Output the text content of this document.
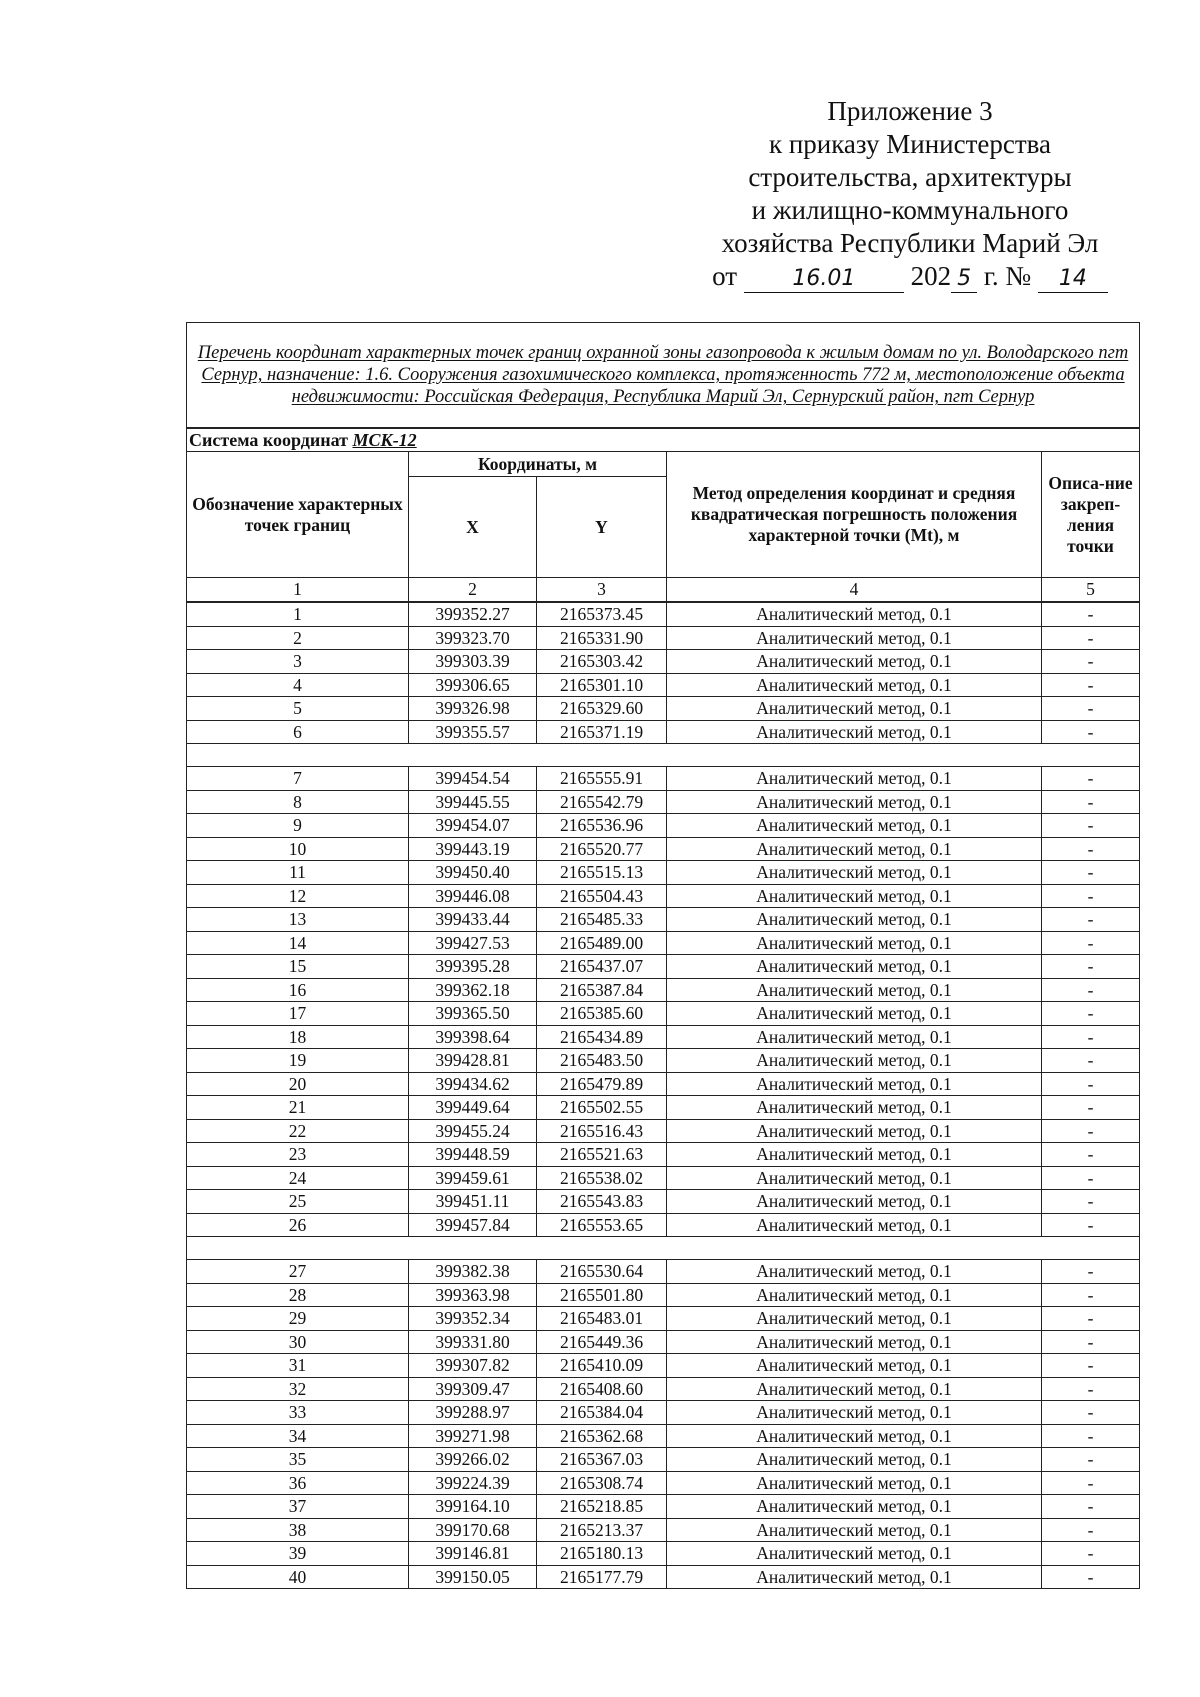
Приложение 3
к приказу Министерства
строительства, архитектуры
и жилищно-коммунального
хозяйства Республики Марий Эл
от	16.01 202 5 г. № 14
Перечень координат характерных точек границ охранной зоны газопровода к жилым домам по ул. Володарского пгт Сернур, назначение: 1.6. Сооружения газохимического комплекса, протяженность 772 м, местоположение объекта недвижимости: Российская Федерация, Республика Марий Эл, Сернурский район, пгт Сернур				
Система координат МСК-12				
Обозначение характерных точек границ	Координаты, м		Метод определения координат и средняя квадратическая погрешность положения характерной точки (Mt), м	Описа-ние закреп-ления точки
	X	Y		
1	2	3	4	5
1	399352.27	2165373.45	Аналитический метод, 0.1	-
2	399323.70	2165331.90	Аналитический метод, 0.1	-
3	399303.39	2165303.42	Аналитический метод, 0.1	-
4	399306.65	2165301.10	Аналитический метод, 0.1	-
5	399326.98	2165329.60	Аналитический метод, 0.1	-
6	399355.57	2165371.19	Аналитический метод, 0.1	-

7	399454.54	2165555.91	Аналитический метод, 0.1	-
8	399445.55	2165542.79	Аналитический метод, 0.1	-
9	399454.07	2165536.96	Аналитический метод, 0.1	-
10	399443.19	2165520.77	Аналитический метод, 0.1	-
11	399450.40	2165515.13	Аналитический метод, 0.1	-
12	399446.08	2165504.43	Аналитический метод, 0.1	-
13	399433.44	2165485.33	Аналитический метод, 0.1	-
14	399427.53	2165489.00	Аналитический метод, 0.1	-
15	399395.28	2165437.07	Аналитический метод, 0.1	-
16	399362.18	2165387.84	Аналитический метод, 0.1	-
17	399365.50	2165385.60	Аналитический метод, 0.1	-
18	399398.64	2165434.89	Аналитический метод, 0.1	-
19	399428.81	2165483.50	Аналитический метод, 0.1	-
20	399434.62	2165479.89	Аналитический метод, 0.1	-
21	399449.64	2165502.55	Аналитический метод, 0.1	-
22	399455.24	2165516.43	Аналитический метод, 0.1	-
23	399448.59	2165521.63	Аналитический метод, 0.1	-
24	399459.61	2165538.02	Аналитический метод, 0.1	-
25	399451.11	2165543.83	Аналитический метод, 0.1	-
26	399457.84	2165553.65	Аналитический метод, 0.1	-

27	399382.38	2165530.64	Аналитический метод, 0.1	-
28	399363.98	2165501.80	Аналитический метод, 0.1	-
29	399352.34	2165483.01	Аналитический метод, 0.1	-
30	399331.80	2165449.36	Аналитический метод, 0.1	-
31	399307.82	2165410.09	Аналитический метод, 0.1	-
32	399309.47	2165408.60	Аналитический метод, 0.1	-
33	399288.97	2165384.04	Аналитический метод, 0.1	-
34	399271.98	2165362.68	Аналитический метод, 0.1	-
35	399266.02	2165367.03	Аналитический метод, 0.1	-
36	399224.39	2165308.74	Аналитический метод, 0.1	-
37	399164.10	2165218.85	Аналитический метод, 0.1	-
38	399170.68	2165213.37	Аналитический метод, 0.1	-
39	399146.81	2165180.13	Аналитический метод, 0.1	-
40	399150.05	2165177.79	Аналитический метод, 0.1	-
